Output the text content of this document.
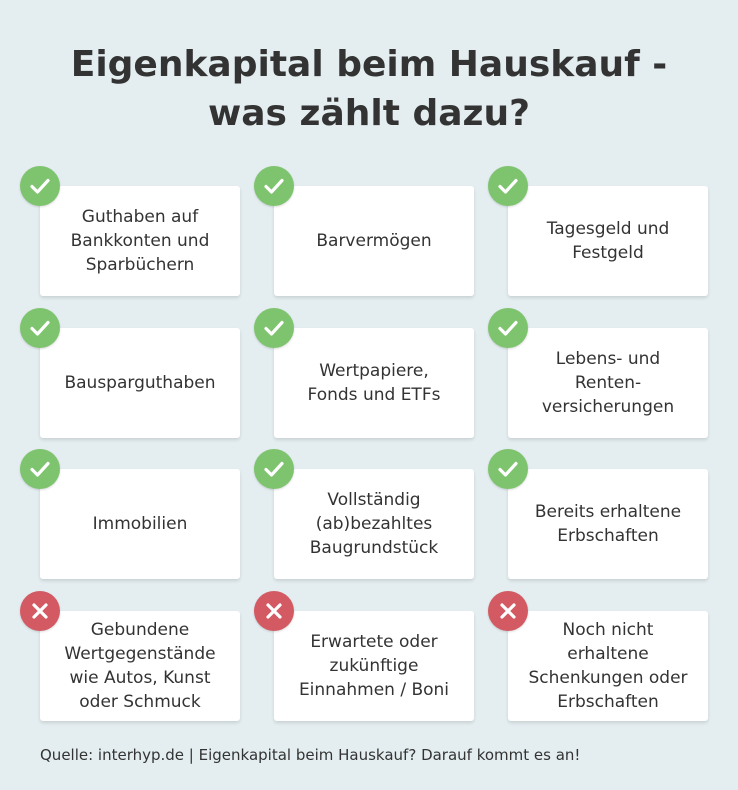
Eigenkapital beim Hauskauf -
was zählt dazu?
Guthaben auf
Bankkonten und
Sparbüchern
Barvermögen
Tagesgeld und
Festgeld
Bausparguthaben
Wertpapiere,
Fonds und ETFs
Lebens- und
Renten-
versicherungen
Immobilien
Vollständig
(ab)bezahltes
Baugrundstück
Bereits erhaltene
Erbschaften
Gebundene
Wertgegenstände
wie Autos, Kunst
oder Schmuck
Erwartete oder
zukünftige
Einnahmen / Boni
Noch nicht
erhaltene
Schenkungen oder
Erbschaften
Quelle: interhyp.de | Eigenkapital beim Hauskauf? Darauf kommt es an!
